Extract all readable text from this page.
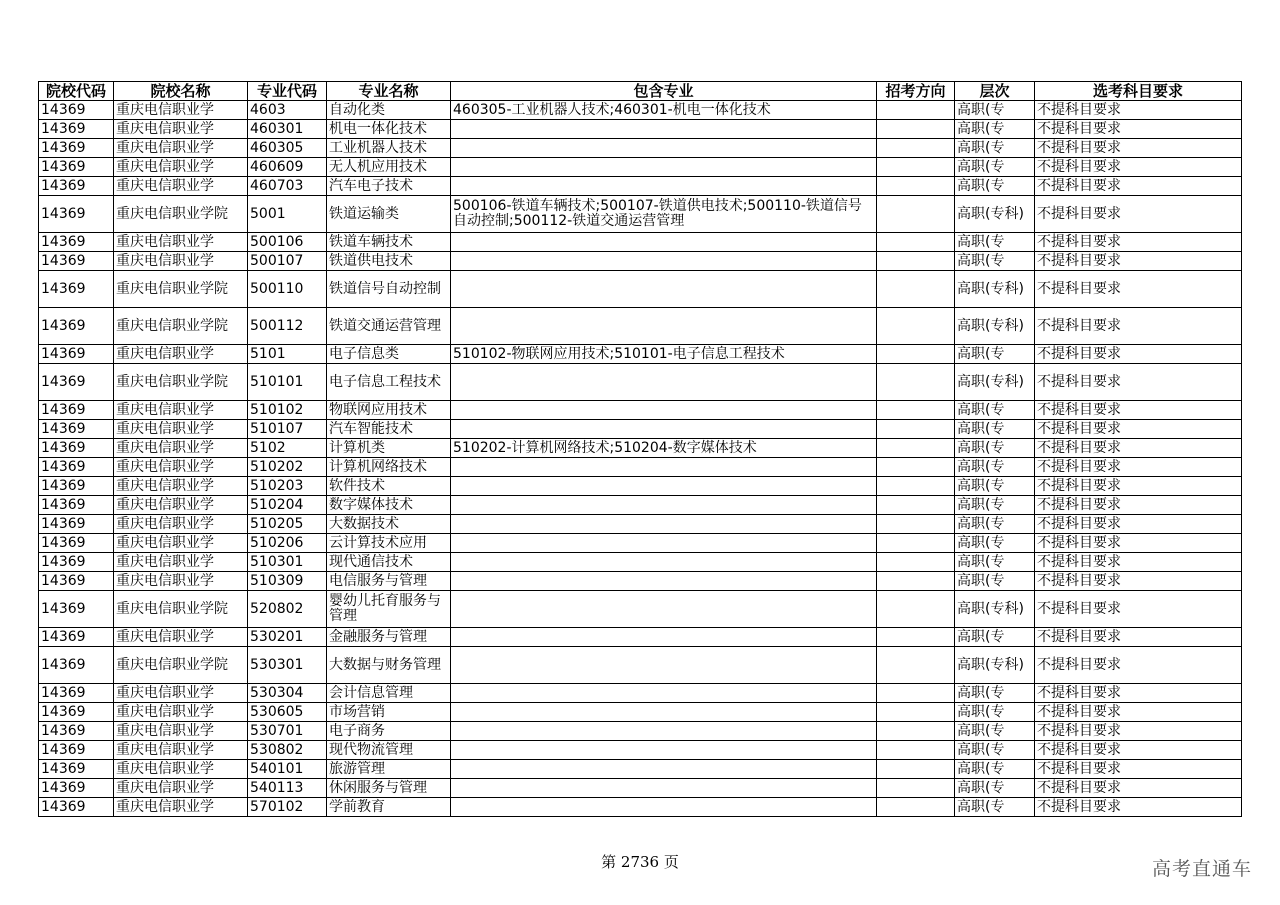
院校代码	院校名称	专业代码	专业名称	包含专业	招考方向	层次	选考科目要求
14369	重庆电信职业学	4603	自动化类	460305-工业机器人技术;460301-机电一体化技术		高职(专	不提科目要求
14369	重庆电信职业学	460301	机电一体化技术			高职(专	不提科目要求
14369	重庆电信职业学	460305	工业机器人技术			高职(专	不提科目要求
14369	重庆电信职业学	460609	无人机应用技术			高职(专	不提科目要求
14369	重庆电信职业学	460703	汽车电子技术			高职(专	不提科目要求
14369	重庆电信职业学院	5001	铁道运输类	500106-铁道车辆技术;500107-铁道供电技术;500110-铁道信号自动控制;500112-铁道交通运营管理		高职(专科)	不提科目要求
14369	重庆电信职业学	500106	铁道车辆技术			高职(专	不提科目要求
14369	重庆电信职业学	500107	铁道供电技术			高职(专	不提科目要求
14369	重庆电信职业学院	500110	铁道信号自动控制			高职(专科)	不提科目要求
14369	重庆电信职业学院	500112	铁道交通运营管理			高职(专科)	不提科目要求
14369	重庆电信职业学	5101	电子信息类	510102-物联网应用技术;510101-电子信息工程技术		高职(专	不提科目要求
14369	重庆电信职业学院	510101	电子信息工程技术			高职(专科)	不提科目要求
14369	重庆电信职业学	510102	物联网应用技术			高职(专	不提科目要求
14369	重庆电信职业学	510107	汽车智能技术			高职(专	不提科目要求
14369	重庆电信职业学	5102	计算机类	510202-计算机网络技术;510204-数字媒体技术		高职(专	不提科目要求
14369	重庆电信职业学	510202	计算机网络技术			高职(专	不提科目要求
14369	重庆电信职业学	510203	软件技术			高职(专	不提科目要求
14369	重庆电信职业学	510204	数字媒体技术			高职(专	不提科目要求
14369	重庆电信职业学	510205	大数据技术			高职(专	不提科目要求
14369	重庆电信职业学	510206	云计算技术应用			高职(专	不提科目要求
14369	重庆电信职业学	510301	现代通信技术			高职(专	不提科目要求
14369	重庆电信职业学	510309	电信服务与管理			高职(专	不提科目要求
14369	重庆电信职业学院	520802	婴幼儿托育服务与管理			高职(专科)	不提科目要求
14369	重庆电信职业学	530201	金融服务与管理			高职(专	不提科目要求
14369	重庆电信职业学院	530301	大数据与财务管理			高职(专科)	不提科目要求
14369	重庆电信职业学	530304	会计信息管理			高职(专	不提科目要求
14369	重庆电信职业学	530605	市场营销			高职(专	不提科目要求
14369	重庆电信职业学	530701	电子商务			高职(专	不提科目要求
14369	重庆电信职业学	530802	现代物流管理			高职(专	不提科目要求
14369	重庆电信职业学	540101	旅游管理			高职(专	不提科目要求
14369	重庆电信职业学	540113	休闲服务与管理			高职(专	不提科目要求
14369	重庆电信职业学	570102	学前教育			高职(专	不提科目要求
第 2736 页	高考直通车
